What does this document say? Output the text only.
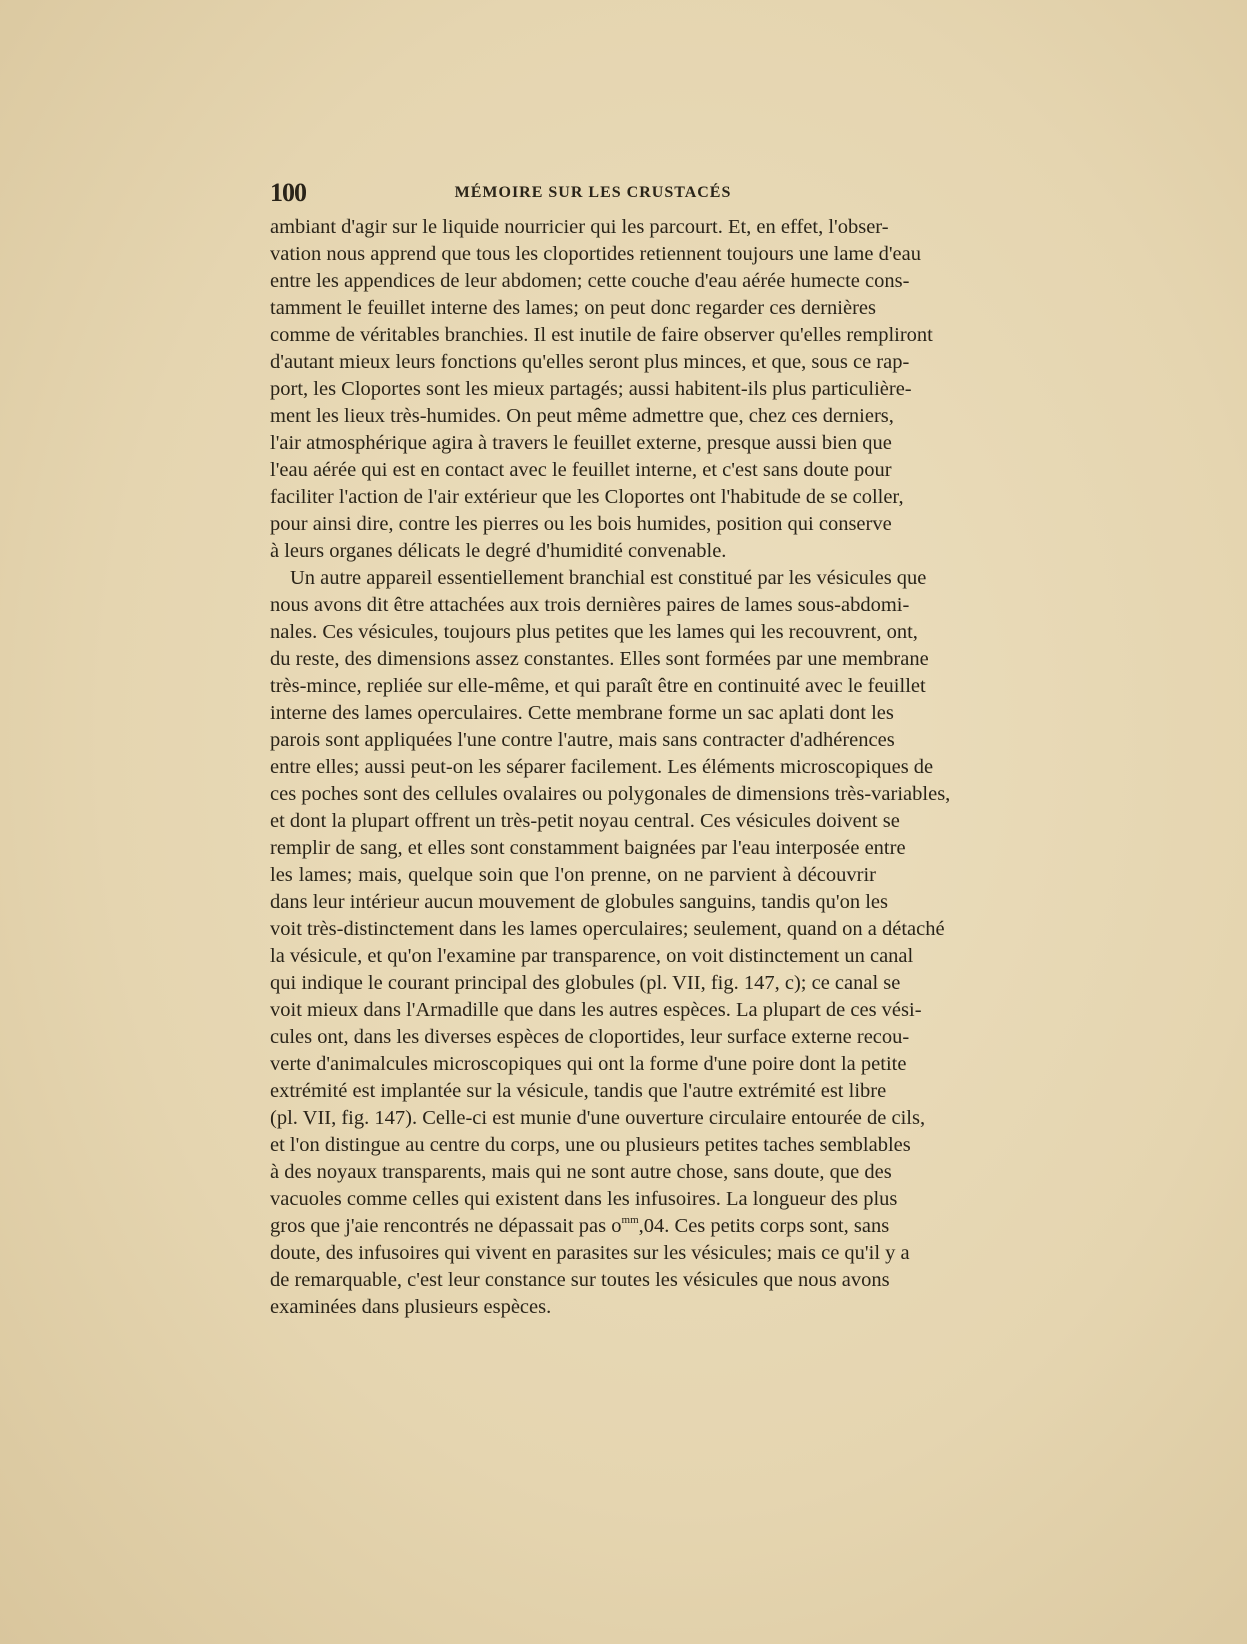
100	MÉMOIRE SUR LES CRUSTACÉS
ambiant d'agir sur le liquide nourricier qui les parcourt. Et, en effet, l'obser-
vation nous apprend que tous les cloportides retiennent toujours une lame d'eau
entre les appendices de leur abdomen; cette couche d'eau aérée humecte cons-
tamment le feuillet interne des lames; on peut donc regarder ces dernières
comme de véritables branchies. Il est inutile de faire observer qu'elles rempliront
d'autant mieux leurs fonctions qu'elles seront plus minces, et que, sous ce rap-
port, les Cloportes sont les mieux partagés; aussi habitent-ils plus particulière-
ment les lieux très-humides. On peut même admettre que, chez ces derniers,
l'air atmosphérique agira à travers le feuillet externe, presque aussi bien que
l'eau aérée qui est en contact avec le feuillet interne, et c'est sans doute pour
faciliter l'action de l'air extérieur que les Cloportes ont l'habitude de se coller,
pour ainsi dire, contre les pierres ou les bois humides, position qui conserve
à leurs organes délicats le degré d'humidité convenable.
Un autre appareil essentiellement branchial est constitué par les vésicules que
nous avons dit être attachées aux trois dernières paires de lames sous-abdomi-
nales. Ces vésicules, toujours plus petites que les lames qui les recouvrent, ont,
du reste, des dimensions assez constantes. Elles sont formées par une membrane
très-mince, repliée sur elle-même, et qui paraît être en continuité avec le feuillet
interne des lames operculaires. Cette membrane forme un sac aplati dont les
parois sont appliquées l'une contre l'autre, mais sans contracter d'adhérences
entre elles; aussi peut-on les séparer facilement. Les éléments microscopiques de
ces poches sont des cellules ovalaires ou polygonales de dimensions très-variables,
et dont la plupart offrent un très-petit noyau central. Ces vésicules doivent se
remplir de sang, et elles sont constamment baignées par l'eau interposée entre
les lames; mais, quelque soin que l'on prenne, on ne parvient à découvrir
dans leur intérieur aucun mouvement de globules sanguins, tandis qu'on les
voit très-distinctement dans les lames operculaires; seulement, quand on a détaché
la vésicule, et qu'on l'examine par transparence, on voit distinctement un canal
qui indique le courant principal des globules (pl. VII, fig. 147, c); ce canal se
voit mieux dans l'Armadille que dans les autres espèces. La plupart de ces vési-
cules ont, dans les diverses espèces de cloportides, leur surface externe recou-
verte d'animalcules microscopiques qui ont la forme d'une poire dont la petite
extrémité est implantée sur la vésicule, tandis que l'autre extrémité est libre
(pl. VII, fig. 147). Celle-ci est munie d'une ouverture circulaire entourée de cils,
et l'on distingue au centre du corps, une ou plusieurs petites taches semblables
à des noyaux transparents, mais qui ne sont autre chose, sans doute, que des
vacuoles comme celles qui existent dans les infusoires. La longueur des plus
gros que j'aie rencontrés ne dépassait pas $o^{mm},04$. Ces petits corps sont, sans
doute, des infusoires qui vivent en parasites sur les vésicules; mais ce qu'il y a
de remarquable, c'est leur constance sur toutes les vésicules que nous avons
examinées dans plusieurs espèces.
